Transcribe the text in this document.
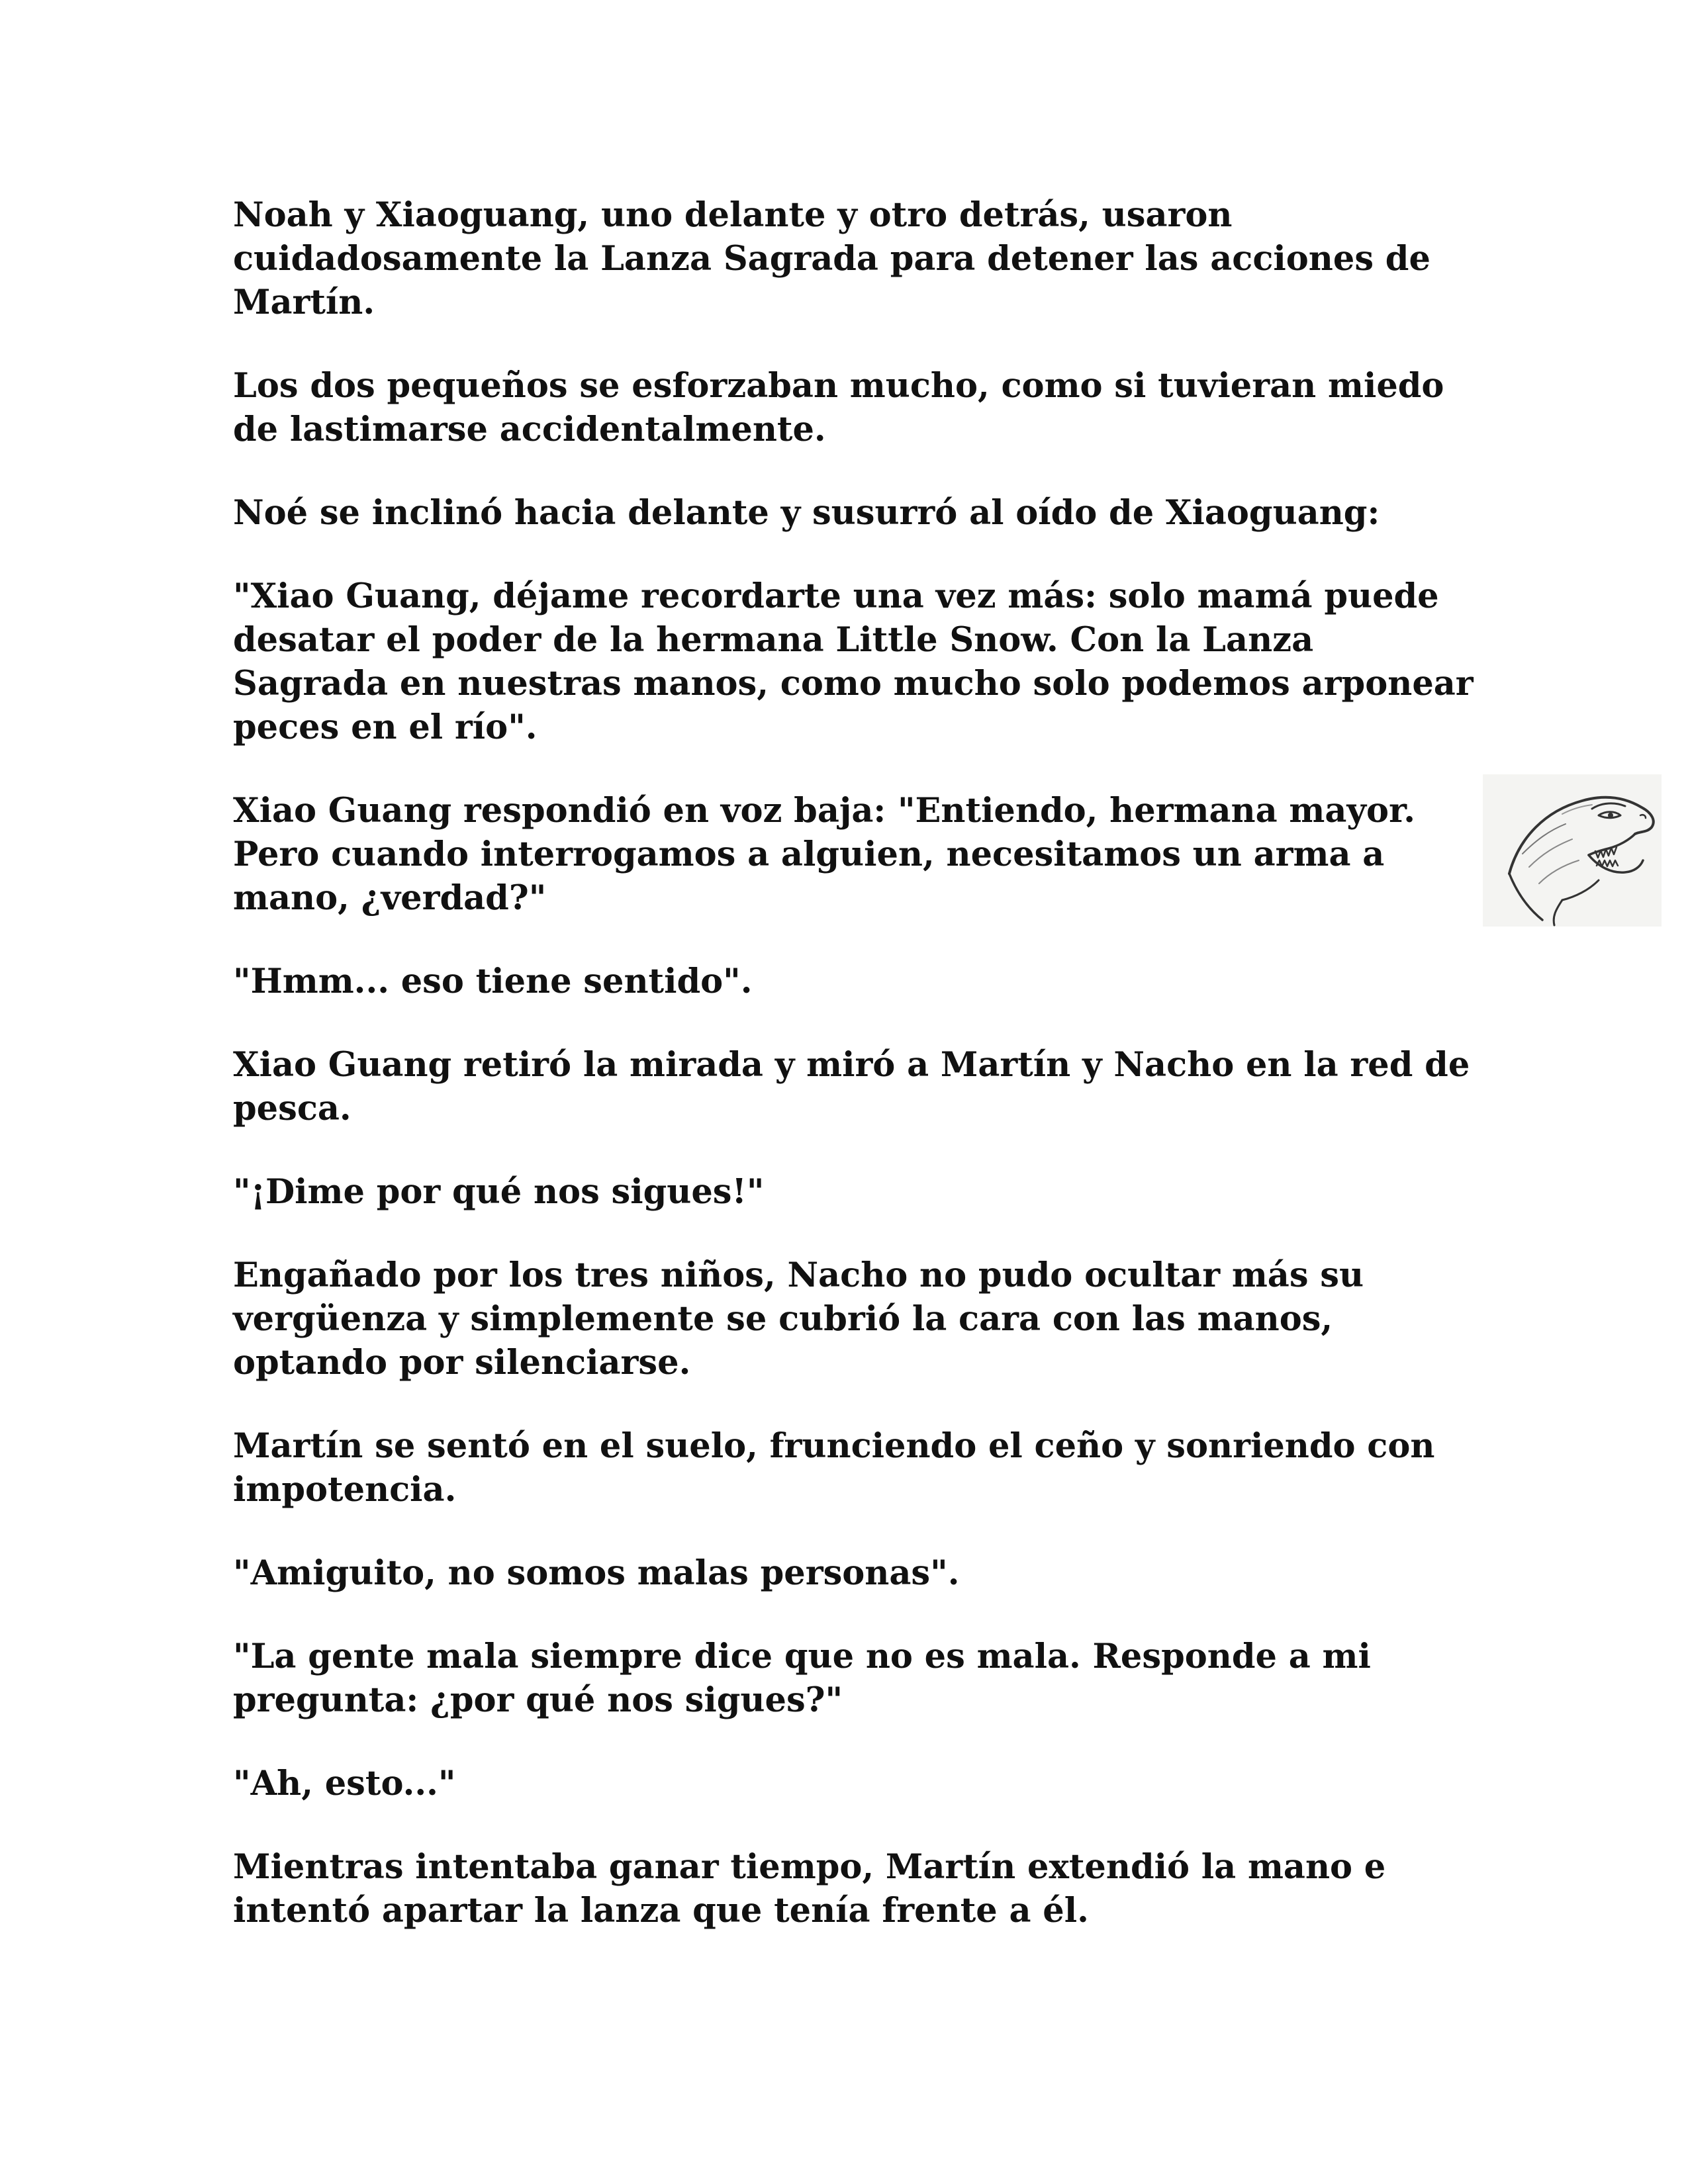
Noah y Xiaoguang, uno delante y otro detrás, usaron cuidadosamente la Lanza Sagrada para detener las acciones de Martín.

Los dos pequeños se esforzaban mucho, como si tuvieran miedo de lastimarse accidentalmente.

Noé se inclinó hacia delante y susurró al oído de Xiaoguang:

"Xiao Guang, déjame recordarte una vez más: solo mamá puede desatar el poder de la hermana Little Snow. Con la Lanza Sagrada en nuestras manos, como mucho solo podemos arponear peces en el río".

Xiao Guang respondió en voz baja: "Entiendo, hermana mayor. Pero cuando interrogamos a alguien, necesitamos un arma a mano, ¿verdad?"

"Hmm... eso tiene sentido".

Xiao Guang retiró la mirada y miró a Martín y Nacho en la red de pesca.

"¡Dime por qué nos sigues!"

Engañado por los tres niños, Nacho no pudo ocultar más su vergüenza y simplemente se cubrió la cara con las manos, optando por silenciarse.

Martín se sentó en el suelo, frunciendo el ceño y sonriendo con impotencia.

"Amiguito, no somos malas personas".

"La gente mala siempre dice que no es mala. Responde a mi pregunta: ¿por qué nos sigues?"

"Ah, esto..."

Mientras intentaba ganar tiempo, Martín extendió la mano e intentó apartar la lanza que tenía frente a él.
